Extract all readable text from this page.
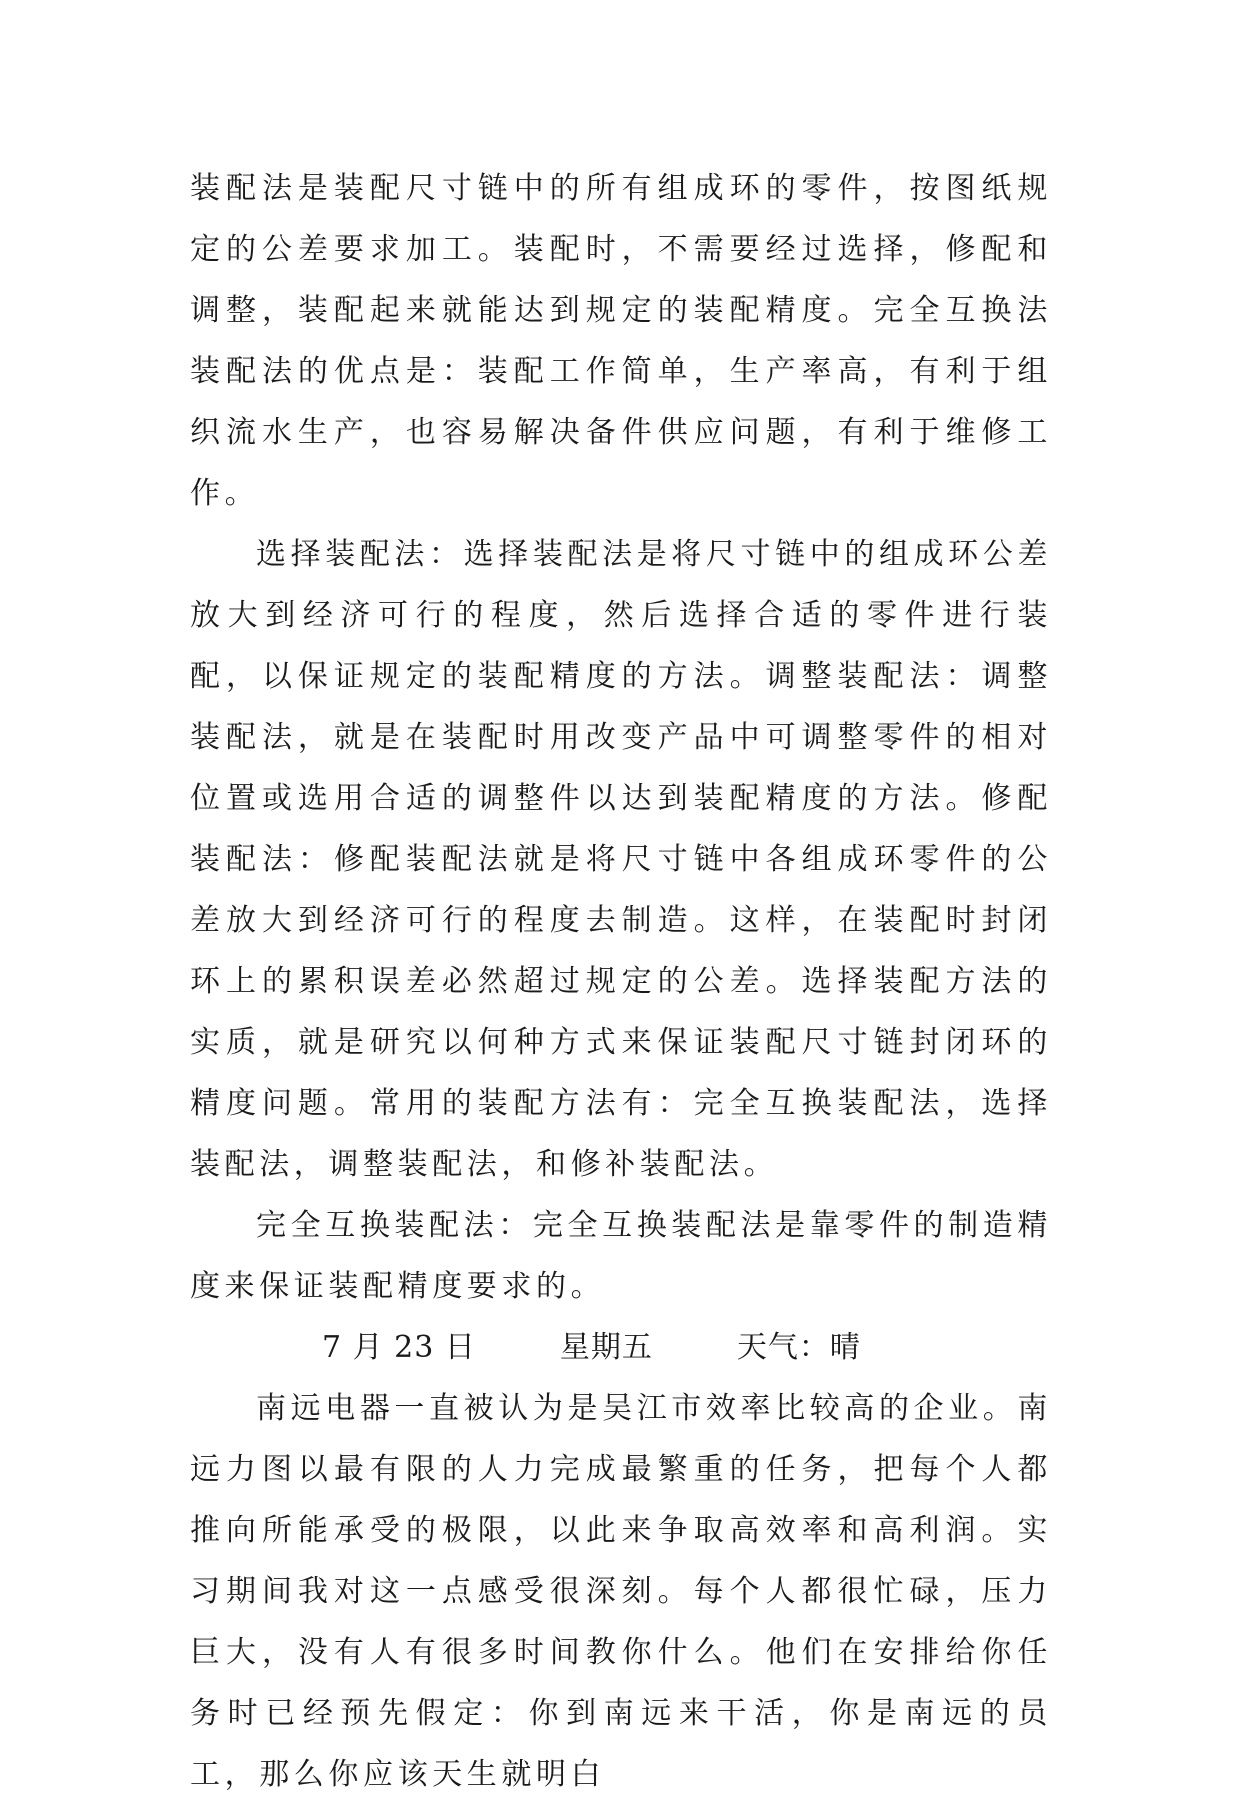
装配法是装配尺寸链中的所有组成环的零件，按图纸规定的公差要求加工。装配时，不需要经过选择，修配和调整，装配起来就能达到规定的装配精度。完全互换法装配法的优点是：装配工作简单，生产率高，有利于组织流水生产，也容易解决备件供应问题，有利于维修工作。

选择装配法：选择装配法是将尺寸链中的组成环公差放大到经济可行的程度，然后选择合适的零件进行装配，以保证规定的装配精度的方法。调整装配法：调整装配法，就是在装配时用改变产品中可调整零件的相对位置或选用合适的调整件以达到装配精度的方法。修配装配法：修配装配法就是将尺寸链中各组成环零件的公差放大到经济可行的程度去制造。这样，在装配时封闭环上的累积误差必然超过规定的公差。选择装配方法的实质，就是研究以何种方式来保证装配尺寸链封闭环的精度问题。常用的装配方法有：完全互换装配法，选择装配法，调整装配法，和修补装配法。

完全互换装配法：完全互换装配法是靠零件的制造精度来保证装配精度要求的。

7 月 23 日	星期五	天气：晴

南远电器一直被认为是吴江市效率比较高的企业。南远力图以最有限的人力完成最繁重的任务，把每个人都推向所能承受的极限，以此来争取高效率和高利润。实习期间我对这一点感受很深刻。每个人都很忙碌，压力巨大，没有人有很多时间教你什么。他们在安排给你任务时已经预先假定：你到南远来干活，你是南远的员工，那么你应该天生就明白
